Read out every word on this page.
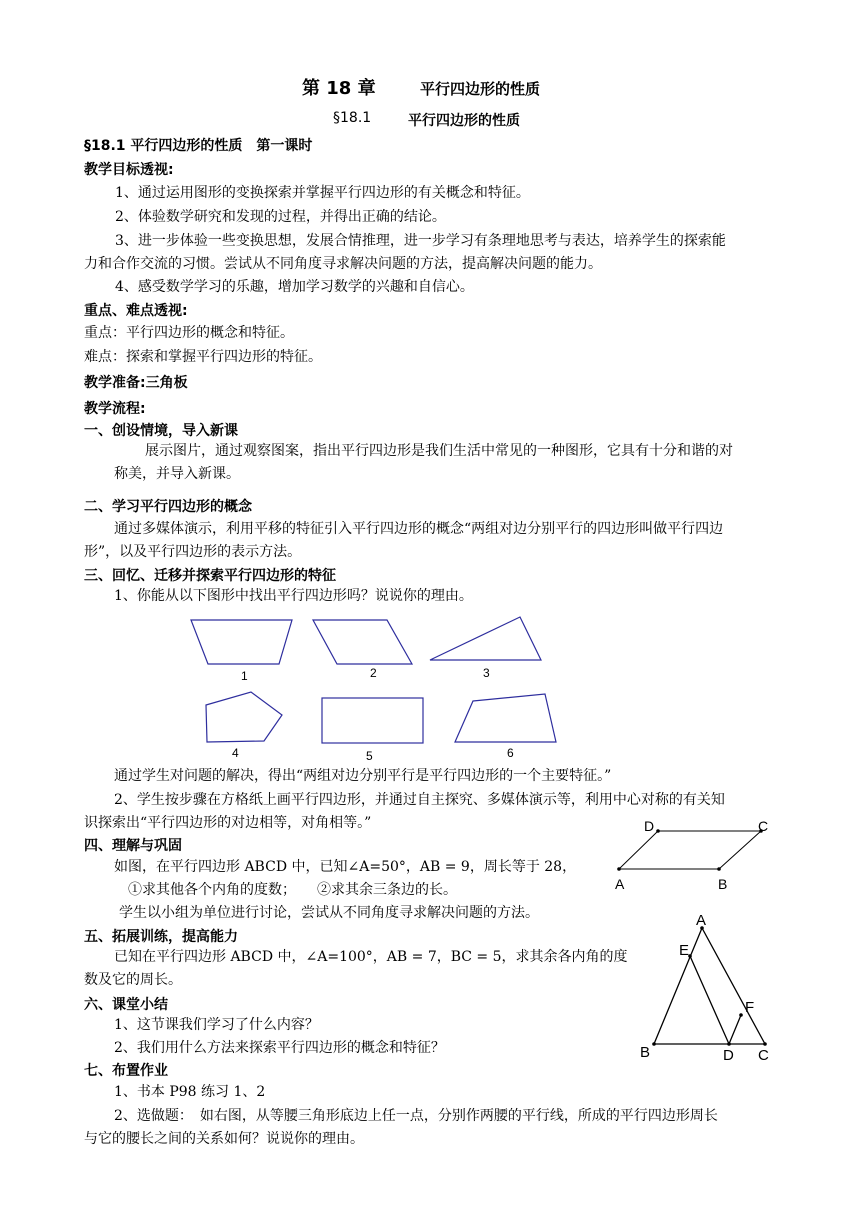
第 18 章	平行四边形的性质
§18.1	平行四边形的性质
§18.1 平行四边形的性质　第一课时
教学目标透视:
1、通过运用图形的变换探索并掌握平行四边形的有关概念和特征。
2、体验数学研究和发现的过程，并得出正确的结论。
3、进一步体验一些变换思想，发展合情推理，进一步学习有条理地思考与表达，培养学生的探索能
力和合作交流的习惯。尝试从不同角度寻求解决问题的方法，提高解决问题的能力。
4、感受数学学习的乐趣，增加学习数学的兴趣和自信心。
重点、难点透视:
重点：平行四边形的概念和特征。
难点：探索和掌握平行四边形的特征。
教学准备:三角板
教学流程:
一、创设情境，导入新课
展示图片，通过观察图案，指出平行四边形是我们生活中常见的一种图形，它具有十分和谐的对
称美，并导入新课。
二、学习平行四边形的概念
通过多媒体演示，利用平移的特征引入平行四边形的概念“两组对边分别平行的四边形叫做平行四边
形”，以及平行四边形的表示方法。
三、回忆、迁移并探索平行四边形的特征
1、你能从以下图形中找出平行四边形吗？说说你的理由。
1	2	3
4	5	6
通过学生对问题的解决，得出“两组对边分别平行是平行四边形的一个主要特征。”
2、学生按步骤在方格纸上画平行四边形，并通过自主探究、多媒体演示等，利用中心对称的有关知
识探索出“平行四边形的对边相等，对角相等。”
四、理解与巩固
如图，在平行四边形 ABCD 中，已知∠A=50°，AB = 9，周长等于 28，
①求其他各个内角的度数；　　②求其余三条边的长。
学生以小组为单位进行讨论，尝试从不同角度寻求解决问题的方法。
D	C
A	B
五、拓展训练，提高能力
已知在平行四边形 ABCD 中，∠A=100°，AB = 7，BC = 5，求其余各内角的度
数及它的周长。
六、课堂小结
1、这节课我们学习了什么内容？
2、我们用什么方法来探索平行四边形的概念和特征？
七、布置作业
1、书本 P98 练习 1、2
2、选做题：　如右图，从等腰三角形底边上任一点，分别作两腰的平行线，所成的平行四边形周长
与它的腰长之间的关系如何？说说你的理由。
A
E
F
B	D C
